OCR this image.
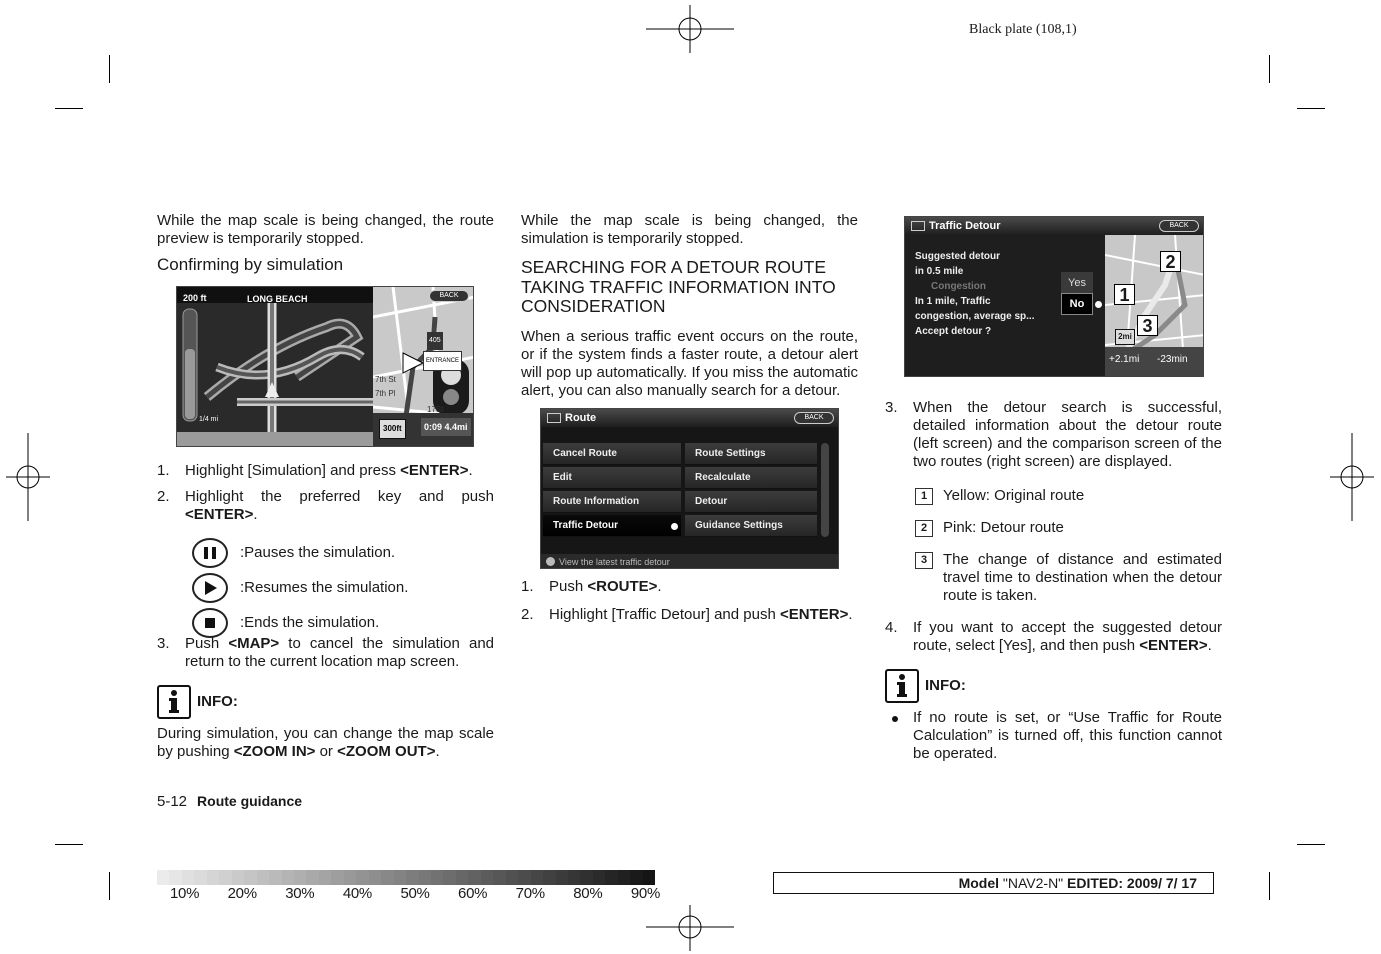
Black plate (108,1)

While the map scale is being changed, the route preview is temporarily stopped.

Confirming by simulation
200 ft	LONG BEACH
1/4 mi
BACK
405
ENTRANCE
7th St
7th Pl
17St
300ft	0:09 4.4mi
1. Highlight [Simulation] and press <ENTER>.
2. Highlight the preferred key and push <ENTER>.
:Pauses the simulation.
:Resumes the simulation.
:Ends the simulation.
3. Push <MAP> to cancel the simulation and return to the current location map screen.
INFO:

During simulation, you can change the map scale by pushing <ZOOM IN> or <ZOOM OUT>.

5-12 Route guidance

While the map scale is being changed, the simulation is temporarily stopped.

SEARCHING FOR A DETOUR ROUTE TAKING TRAFFIC INFORMATION INTO CONSIDERATION

When a serious traffic event occurs on the route, or if the system finds a faster route, a detour alert will pop up automatically. If you miss the automatic alert, you can also manually search for a detour.

Route	BACK
Cancel Route
Edit
Route Information
Traffic Detour
Route Settings
Recalculate
Detour
Guidance Settings
View the latest traffic detour
1. Push <ROUTE>.
2. Highlight [Traffic Detour] and push <ENTER>.
Traffic Detour	BACK
Suggested detour
in 0.5 mile
Congestion
In 1 mile, Traffic
congestion, average sp...
Accept detour ?
Yes
No
2
1
3
2mi
+2.1mi -23min
3. When the detour search is successful, detailed information about the detour route (left screen) and the comparison screen of the two routes (right screen) are displayed.
1	Yellow: Original route
2	Pink: Detour route
3	The change of distance and estimated travel time to destination when the detour route is taken.
4. If you want to accept the suggested detour route, select [Yes], and then push <ENTER>.
INFO:
If no route is set, or “Use Traffic for Route Calculation” is turned off, this function cannot be operated.
10% 20% 30% 40% 50% 60% 70% 80% 90%
Model "NAV2-N" EDITED: 2009/ 7/ 17
